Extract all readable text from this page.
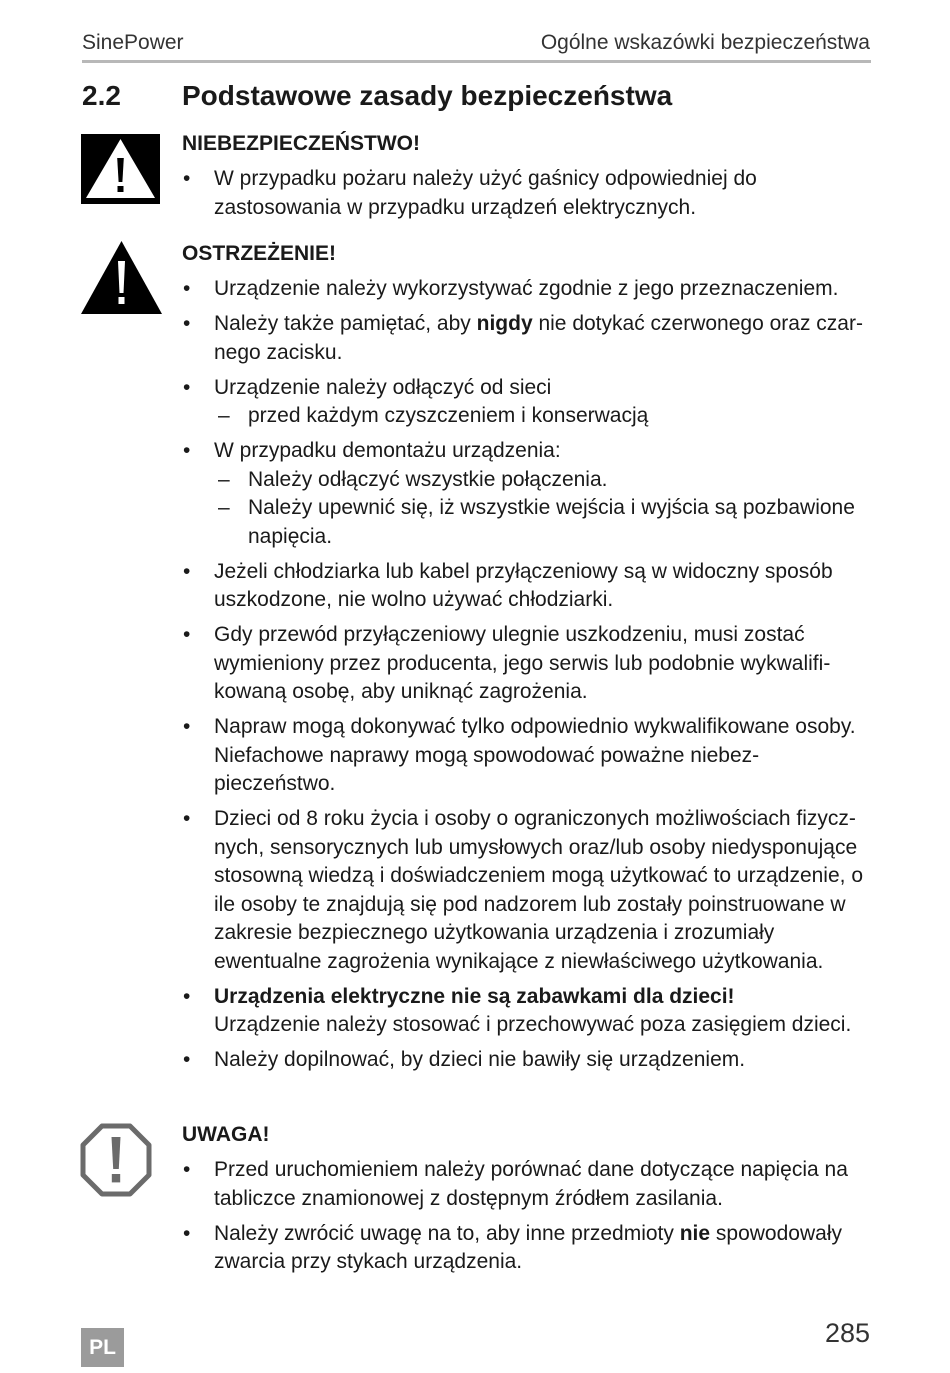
SinePower	Ogólne wskazówki bezpieczeństwa
2.2 Podstawowe zasady bezpieczeństwa
NIEBEZPIECZEŃSTWO!
• W przypadku pożaru należy użyć gaśnicy odpowiedniej do zastosowania w przypadku urządzeń elektrycznych.
OSTRZEŻENIE!
• Urządzenie należy wykorzystywać zgodnie z jego przeznaczeniem.
• Należy także pamiętać, aby nigdy nie dotykać czerwonego oraz czarnego zacisku.
• Urządzenie należy odłączyć od sieci
– przed każdym czyszczeniem i konserwacją
• W przypadku demontażu urządzenia:
– Należy odłączyć wszystkie połączenia.
– Należy upewnić się, iż wszystkie wejścia i wyjścia są pozbawione napięcia.
• Jeżeli chłodziarka lub kabel przyłączeniowy są w widoczny sposób uszkodzone, nie wolno używać chłodziarki.
• Gdy przewód przyłączeniowy ulegnie uszkodzeniu, musi zostać wymieniony przez producenta, jego serwis lub podobnie wykwalifikowaną osobę, aby uniknąć zagrożenia.
• Napraw mogą dokonywać tylko odpowiednio wykwalifikowane osoby. Niefachowe naprawy mogą spowodować poważne niebezpieczeństwo.
• Dzieci od 8 roku życia i osoby o ograniczonych możliwościach fizycznych, sensorycznych lub umysłowych oraz/lub osoby niedysponujące stosowną wiedzą i doświadczeniem mogą użytkować to urządzenie, o ile osoby te znajdują się pod nadzorem lub zostały poinstruowane w zakresie bezpiecznego użytkowania urządzenia i zrozumiały ewentualne zagrożenia wynikające z niewłaściwego użytkowania.
• Urządzenia elektryczne nie są zabawkami dla dzieci!
Urządzenie należy stosować i przechowywać poza zasięgiem dzieci.
• Należy dopilnować, by dzieci nie bawiły się urządzeniem.
UWAGA!
• Przed uruchomieniem należy porównać dane dotyczące napięcia na tabliczce znamionowej z dostępnym źródłem zasilania.
• Należy zwrócić uwagę na to, aby inne przedmioty nie spowodowały zwarcia przy stykach urządzenia.
PL	285
